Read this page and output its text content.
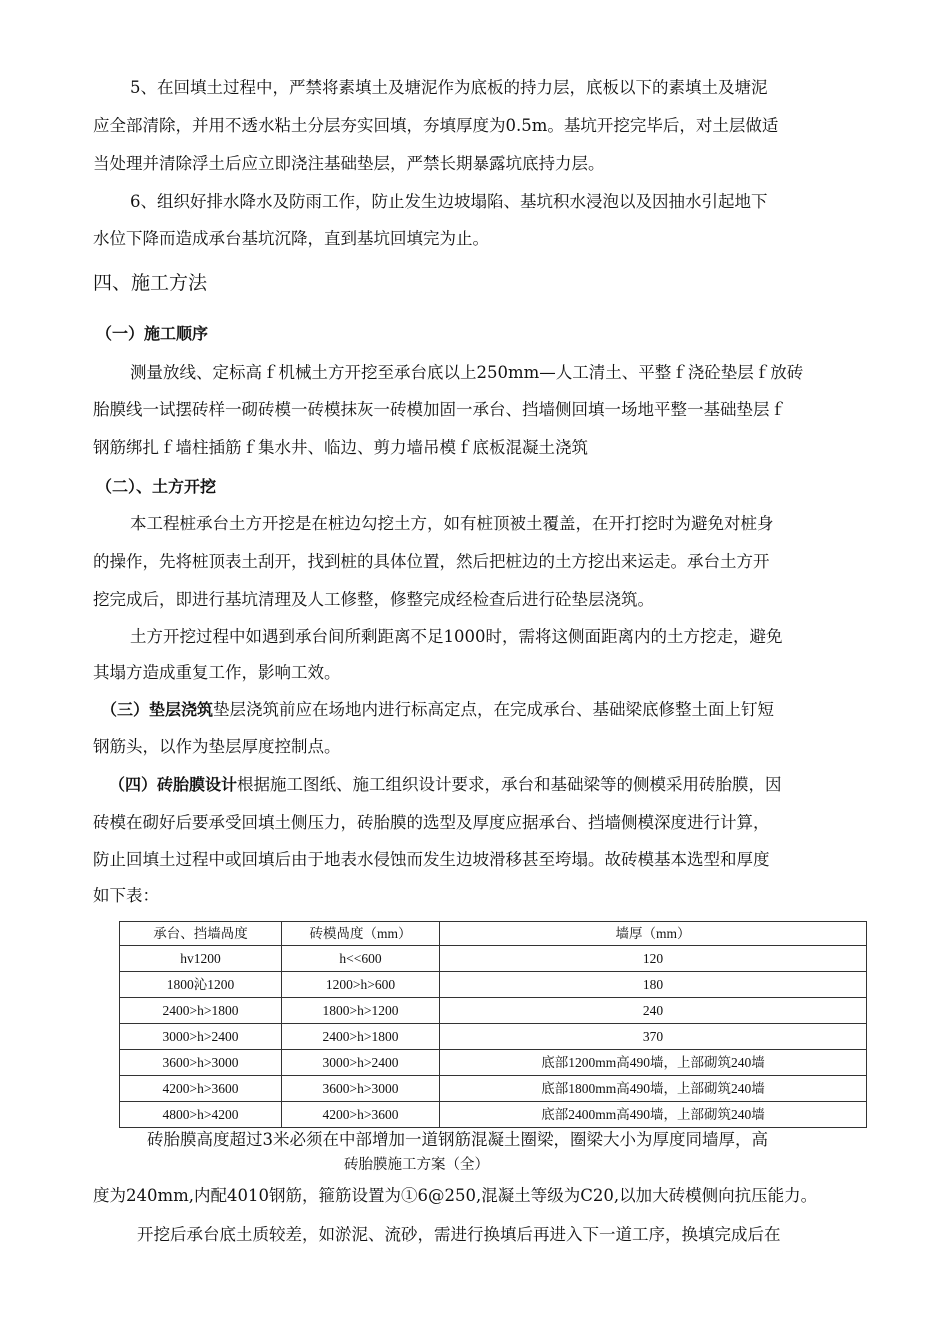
5、在回填土过程中，严禁将素填土及塘泥作为底板的持力层，底板以下的素填土及塘泥
应全部清除，并用不透水粘土分层夯实回填，夯填厚度为0.5m。基坑开挖完毕后，对土层做适
当处理并清除浮土后应立即浇注基础垫层，严禁长期暴露坑底持力层。
6、组织好排水降水及防雨工作，防止发生边坡塌陷、基坑积水浸泡以及因抽水引起地下
水位下降而造成承台基坑沉降，直到基坑回填完为止。
四、施工方法
（一）施工顺序
测量放线、定标高ｆ机械土方开挖至承台底以上250mm—人工清土、平整ｆ浇砼垫层ｆ放砖
胎膜线一试摆砖样一砌砖模一砖模抹灰一砖模加固一承台、挡墙侧回填一场地平整一基础垫层ｆ
钢筋绑扎ｆ墙柱插筋ｆ集水井、临边、剪力墙吊模ｆ底板混凝土浇筑
（二）、土方开挖
本工程桩承台土方开挖是在桩边勾挖土方，如有桩顶被土覆盖，在开打挖时为避免对桩身
的操作，先将桩顶表土刮开，找到桩的具体位置，然后把桩边的土方挖出来运走。承台土方开
挖完成后，即进行基坑清理及人工修整，修整完成经检查后进行砼垫层浇筑。
土方开挖过程中如遇到承台间所剩距离不足1000时，需将这侧面距离内的土方挖走，避免
其塌方造成重复工作，影响工效。
（三）垫层浇筑垫层浇筑前应在场地内进行标高定点，在完成承台、基础梁底修整土面上钉短
钢筋头，以作为垫层厚度控制点。
（四）砖胎膜设计根据施工图纸、施工组织设计要求，承台和基础梁等的侧模采用砖胎膜，因
砖模在砌好后要承受回填土侧压力，砖胎膜的选型及厚度应据承台、挡墙侧模深度进行计算，
防止回填土过程中或回填后由于地表水侵蚀而发生边坡滑移甚至垮塌。故砖模基本选型和厚度
如下表：
承台、挡墙咼度	砖模咼度（mm）	墙厚（mm）
hv1200	h<<600	120
1800沁1200	1200>h>600	180
2400>h>1800	1800>h>1200	240
3000>h>2400	2400>h>1800	370
3600>h>3000	3000>h>2400	底部1200mm高490墙，上部砌筑240墙
4200>h>3600	3600>h>3000	底部1800mm高490墙，上部砌筑240墙
4800>h>4200	4200>h>3600	底部2400mm高490墙，上部砌筑240墙
砖胎膜高度超过3米必须在中部增加一道钢筋混凝土圈梁，圈梁大小为厚度同墙厚，高
砖胎膜施工方案（全）
度为240mm,内配4010钢筋，箍筋设置为①6@250,混凝土等级为C20,以加大砖模侧向抗压能力。
开挖后承台底土质较差，如淤泥、流砂，需进行换填后再进入下一道工序，换填完成后在
